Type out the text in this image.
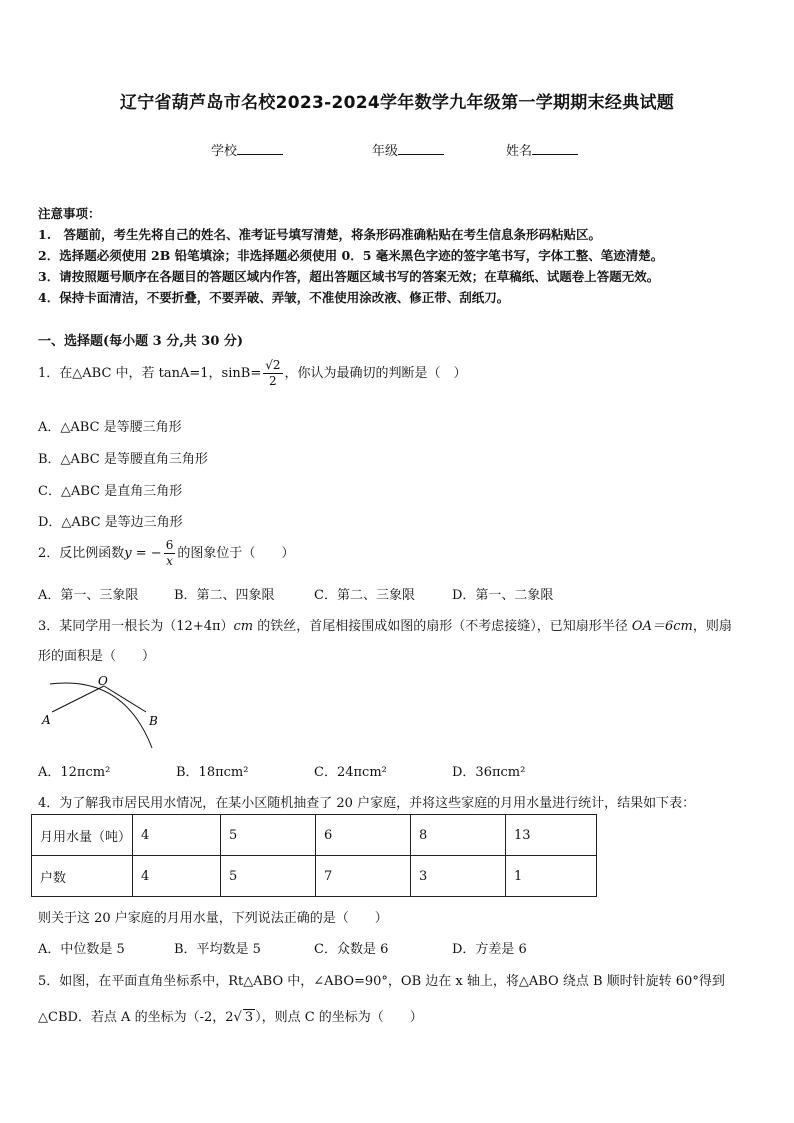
辽宁省葫芦岛市名校2023-2024学年数学九年级第一学期期末经典试题
学校	年级	姓名
注意事项：
1.　答题前，考生先将自己的姓名、准考证号填写清楚，将条形码准确粘贴在考生信息条形码粘贴区。
2．选择题必须使用 2B 铅笔填涂；非选择题必须使用 0．5 毫米黑色字迹的签字笔书写，字体工整、笔迹清楚。
3．请按照题号顺序在各题目的答题区域内作答，超出答题区域书写的答案无效；在草稿纸、试题卷上答题无效。
4．保持卡面清洁，不要折叠，不要弄破、弄皱，不准使用涂改液、修正带、刮纸刀。
一、选择题(每小题 3 分,共 30 分)
1．在△ABC 中，若 tanA=1，$\sin B= \frac{√2}{2}$ ，你认为最确切的判断是（　）
A．△ABC 是等腰三角形
B．△ABC 是等腰直角三角形
C．△ABC 是直角三角形
D．△ABC 是等边三角形
2．反比例函数y = − $\frac{6}{x}$ 的图象位于（　　）
A．第一、三象限	B．第二、四象限	C．第二、三象限	D．第一、二象限
3．某同学用一根长为（12+4π）cm 的铁丝，首尾相接围成如图的扇形（不考虑接缝），已知扇形半径 OA＝6cm，则扇
形的面积是（　　）
O
A	B
A．12πcm²	B．18πcm²	C．24πcm²	D．36πcm²
4．为了解我市居民用水情况，在某小区随机抽查了 20 户家庭，并将这些家庭的月用水量进行统计，结果如下表：
月用水量（吨）	4	5	6	8	13
户数	4	5	7	3	1
则关于这 20 户家庭的月用水量，下列说法正确的是（　　）
A．中位数是 5	B．平均数是 5	C．众数是 6	D．方差是 6
5．如图，在平面直角坐标系中，Rt△ABO 中，∠ABO=90°，OB 边在 x 轴上，将△ABO 绕点 B 顺时针旋转 60°得到
△CBD．若点 A 的坐标为（-2，2√ 3 ），则点 C 的坐标为（　　）
